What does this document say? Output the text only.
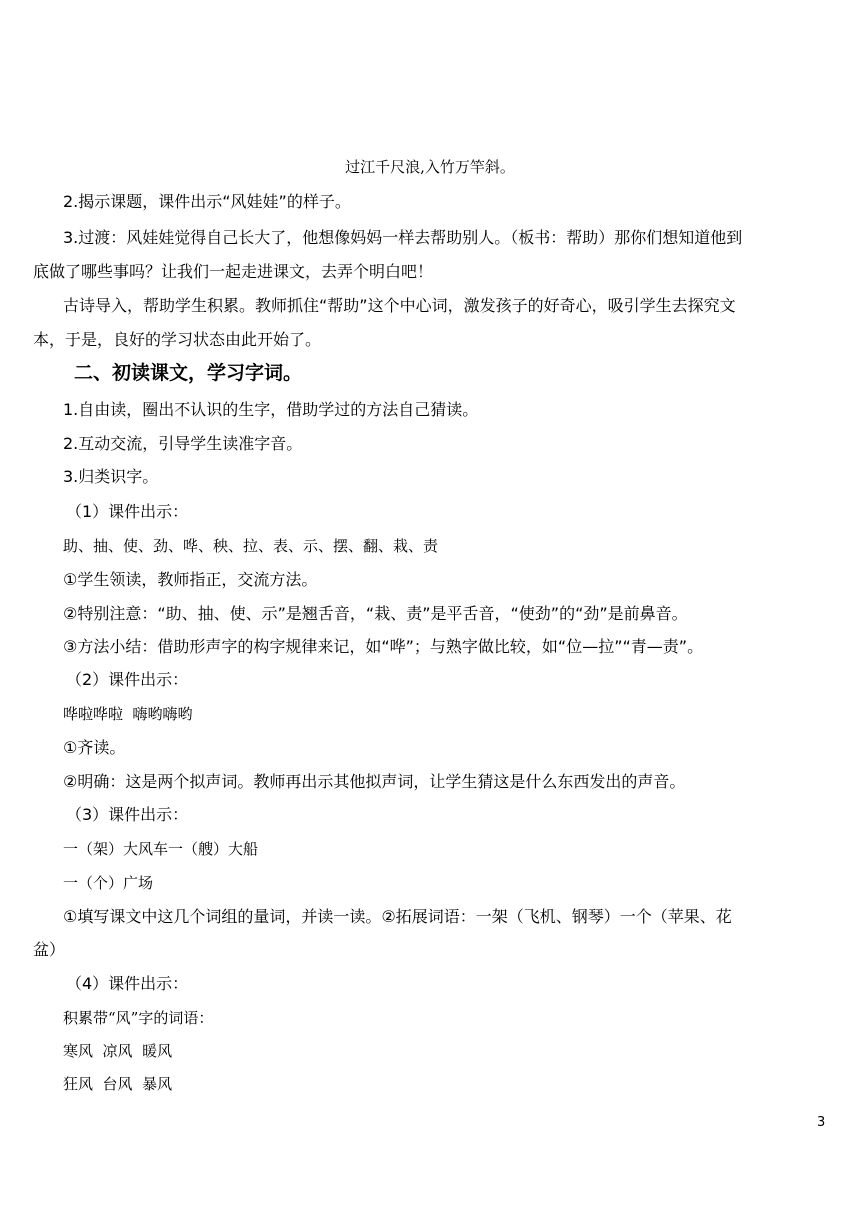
过江千尺浪,入竹万竿斜。

2.揭示课题，课件出示“风娃娃”的样子。

3.过渡：风娃娃觉得自己长大了，他想像妈妈一样去帮助别人。（板书：帮助）那你们想知道他到

底做了哪些事吗？让我们一起走进课文，去弄个明白吧！

古诗导入，帮助学生积累。教师抓住“帮助”这个中心词，激发孩子的好奇心，吸引学生去探究文

本，于是，良好的学习状态由此开始了。

二、初读课文，学习字词。

1.自由读，圈出不认识的生字，借助学过的方法自己猜读。

2.互动交流，引导学生读准字音。

3.归类识字。

（1）课件出示：

助、抽、使、劲、哗、秧、拉、表、示、摆、翻、栽、责

①学生领读，教师指正，交流方法。

②特别注意：“助、抽、使、示”是翘舌音，“栽、责”是平舌音，“使劲”的“劲”是前鼻音。

③方法小结：借助形声字的构字规律来记，如“哗”；与熟字做比较，如“位—拉”“青—责”。

（2）课件出示：

哗啦哗啦  嗨哟嗨哟

①齐读。

②明确：这是两个拟声词。教师再出示其他拟声词，让学生猜这是什么东西发出的声音。

（3）课件出示：

一（架）大风车一（艘）大船

一（个）广场

①填写课文中这几个词组的量词，并读一读。②拓展词语：一架（飞机、钢琴）一个（苹果、花

盆）

（4）课件出示：

积累带“风”字的词语：

寒风  凉风  暖风

狂风  台风  暴风

3
